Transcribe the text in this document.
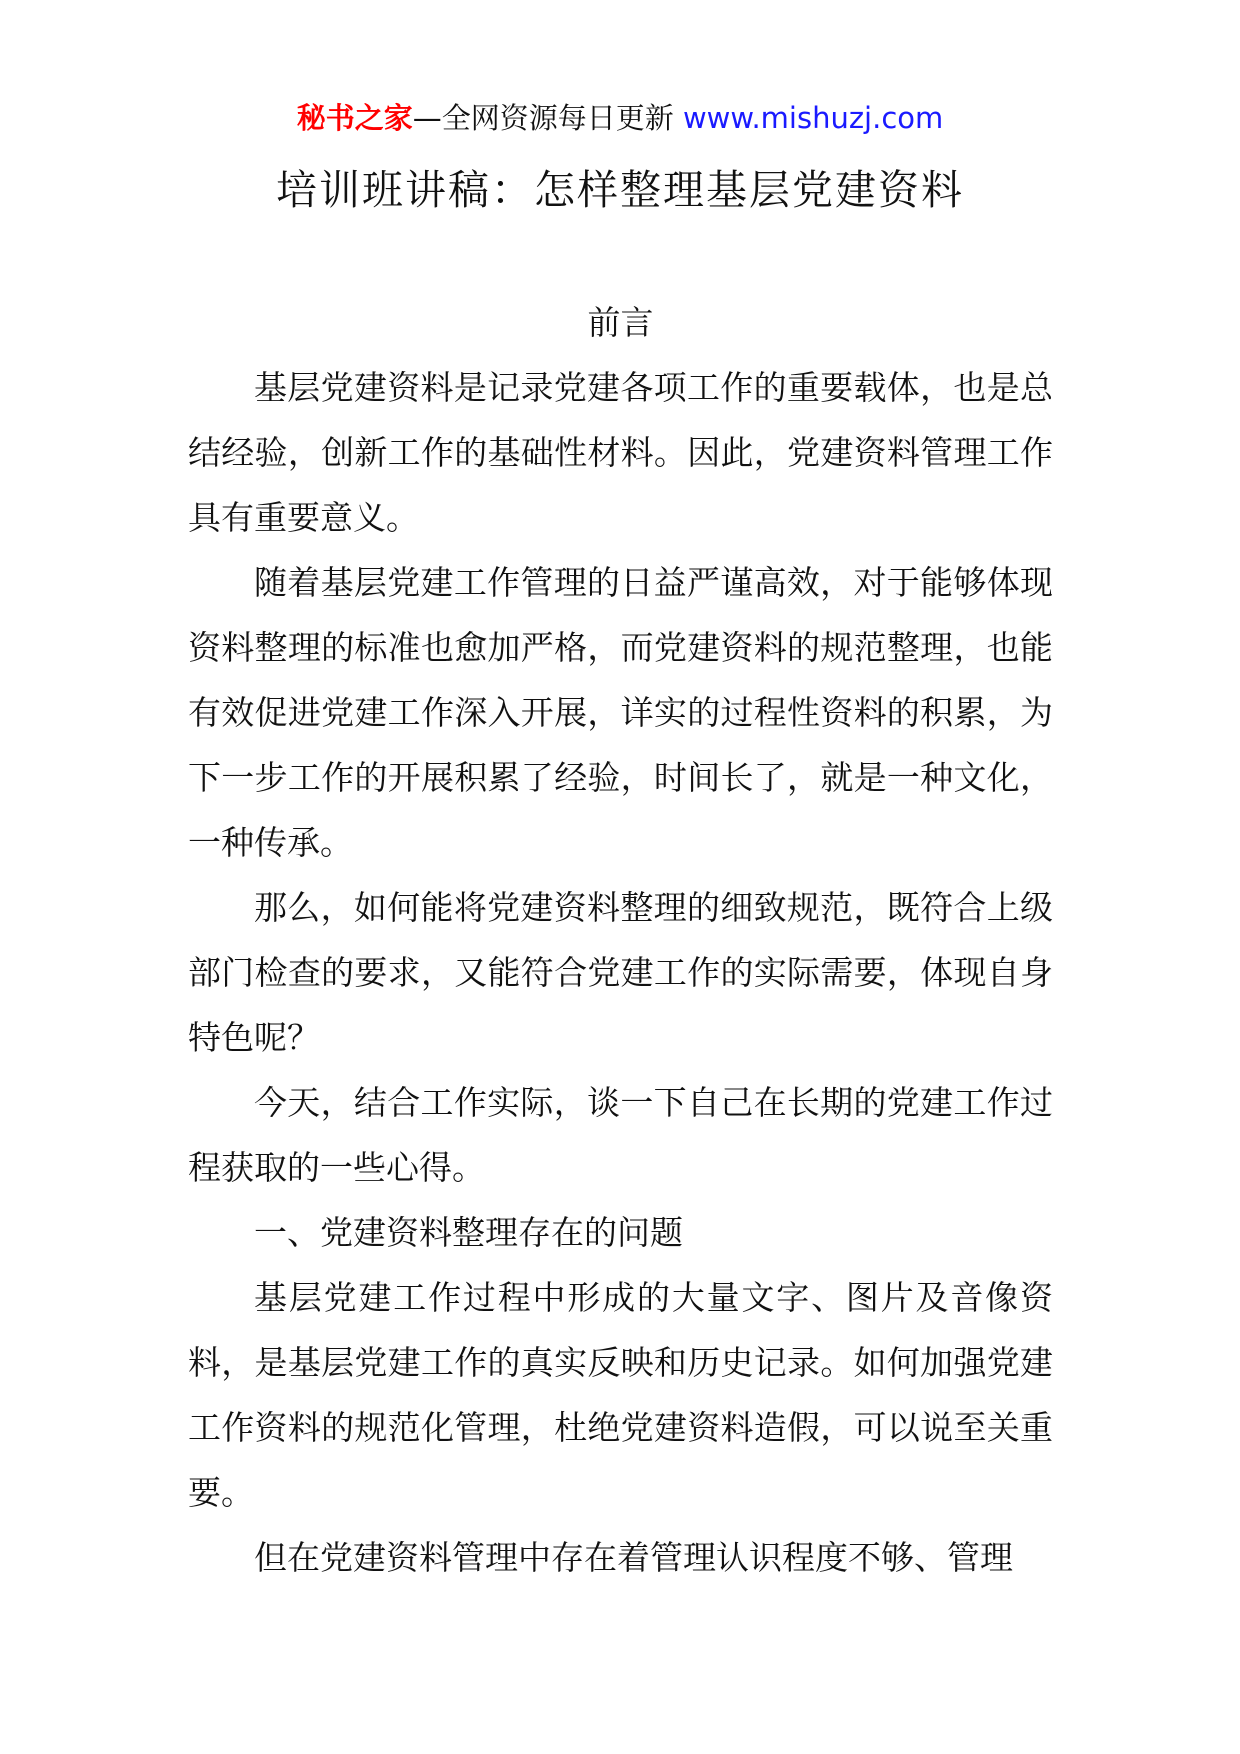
秘书之家—全网资源每日更新 www.mishuzj.com
培训班讲稿：怎样整理基层党建资料

前言

基层党建资料是记录党建各项工作的重要载体，也是总结经验，创新工作的基础性材料。因此，党建资料管理工作具有重要意义。

随着基层党建工作管理的日益严谨高效，对于能够体现资料整理的标准也愈加严格，而党建资料的规范整理，也能有效促进党建工作深入开展，详实的过程性资料的积累，为下一步工作的开展积累了经验，时间长了，就是一种文化，一种传承。

那么，如何能将党建资料整理的细致规范，既符合上级部门检查的要求，又能符合党建工作的实际需要，体现自身特色呢？

今天，结合工作实际，谈一下自己在长期的党建工作过程获取的一些心得。

一、党建资料整理存在的问题

基层党建工作过程中形成的大量文字、图片及音像资料，是基层党建工作的真实反映和历史记录。如何加强党建工作资料的规范化管理，杜绝党建资料造假，可以说至关重要。

但在党建资料管理中存在着管理认识程度不够、管理
